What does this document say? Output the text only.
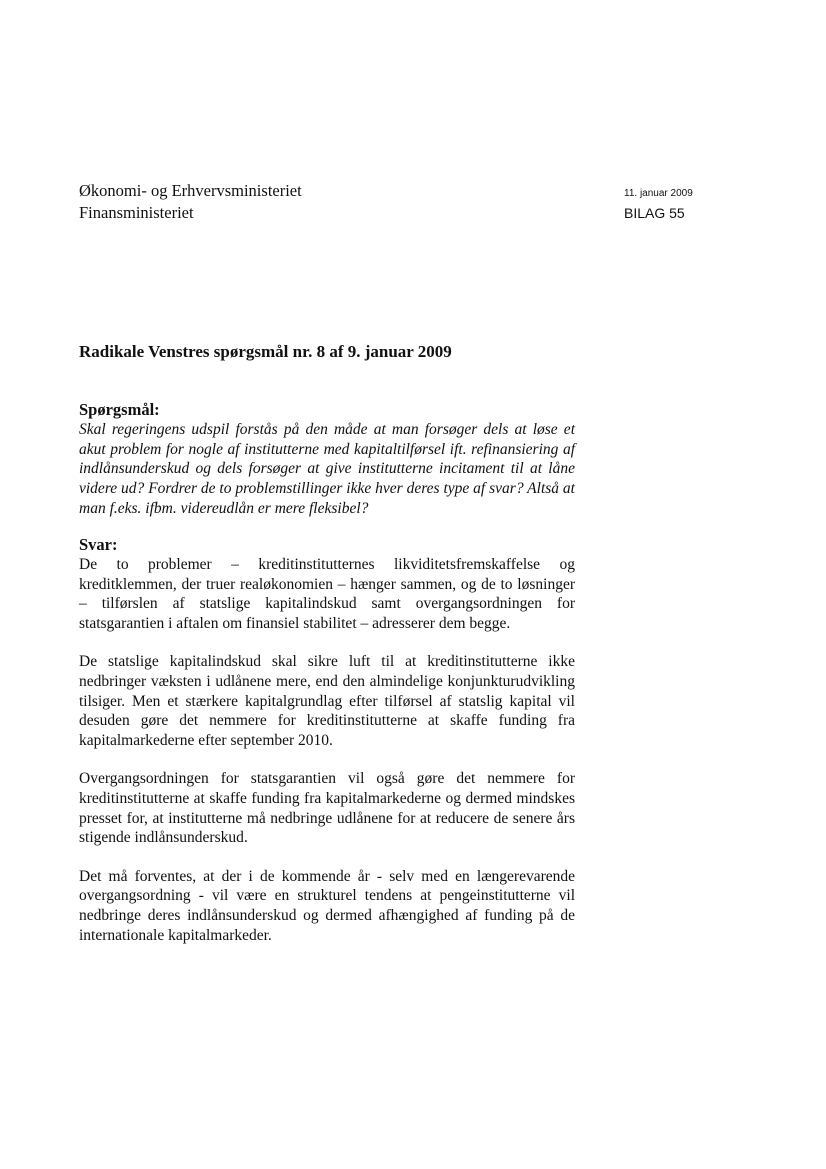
Økonomi- og Erhvervsministeriet
Finansministeriet
11. januar 2009
BILAG 55
Radikale Venstres spørgsmål nr. 8 af 9. januar 2009
Spørgsmål:
Skal regeringens udspil forstås på den måde at man forsøger dels at løse et akut problem for nogle af institutterne med kapitaltilførsel ift. refinansiering af indlånsunderskud og dels forsøger at give institutterne incitament til at låne videre ud? Fordrer de to problemstillinger ikke hver deres type af svar? Altså at man f.eks. ifbm. videreudlån er mere fleksibel?
Svar:

De to problemer – kreditinstitutternes likviditetsfremskaffelse og kreditklemmen, der truer realøkonomien – hænger sammen, og de to løsninger – tilførslen af statslige kapitalindskud samt overgangsordningen for statsgarantien i aftalen om finansiel stabilitet – adresserer dem begge.

De statslige kapitalindskud skal sikre luft til at kreditinstitutterne ikke nedbringer væksten i udlånene mere, end den almindelige konjunkturudvikling tilsiger. Men et stærkere kapitalgrundlag efter tilførsel af statslig kapital vil desuden gøre det nemmere for kreditinstitutterne at skaffe funding fra kapitalmarkederne efter september 2010.

Overgangsordningen for statsgarantien vil også gøre det nemmere for kreditinstitutterne at skaffe funding fra kapitalmarkederne og dermed mindskes presset for, at institutterne må nedbringe udlånene for at reducere de senere års stigende indlånsunderskud.

Det må forventes, at der i de kommende år - selv med en længerevarende overgangsordning - vil være en strukturel tendens at pengeinstitutterne vil nedbringe deres indlånsunderskud og dermed afhængighed af funding på de internationale kapitalmarkeder.
